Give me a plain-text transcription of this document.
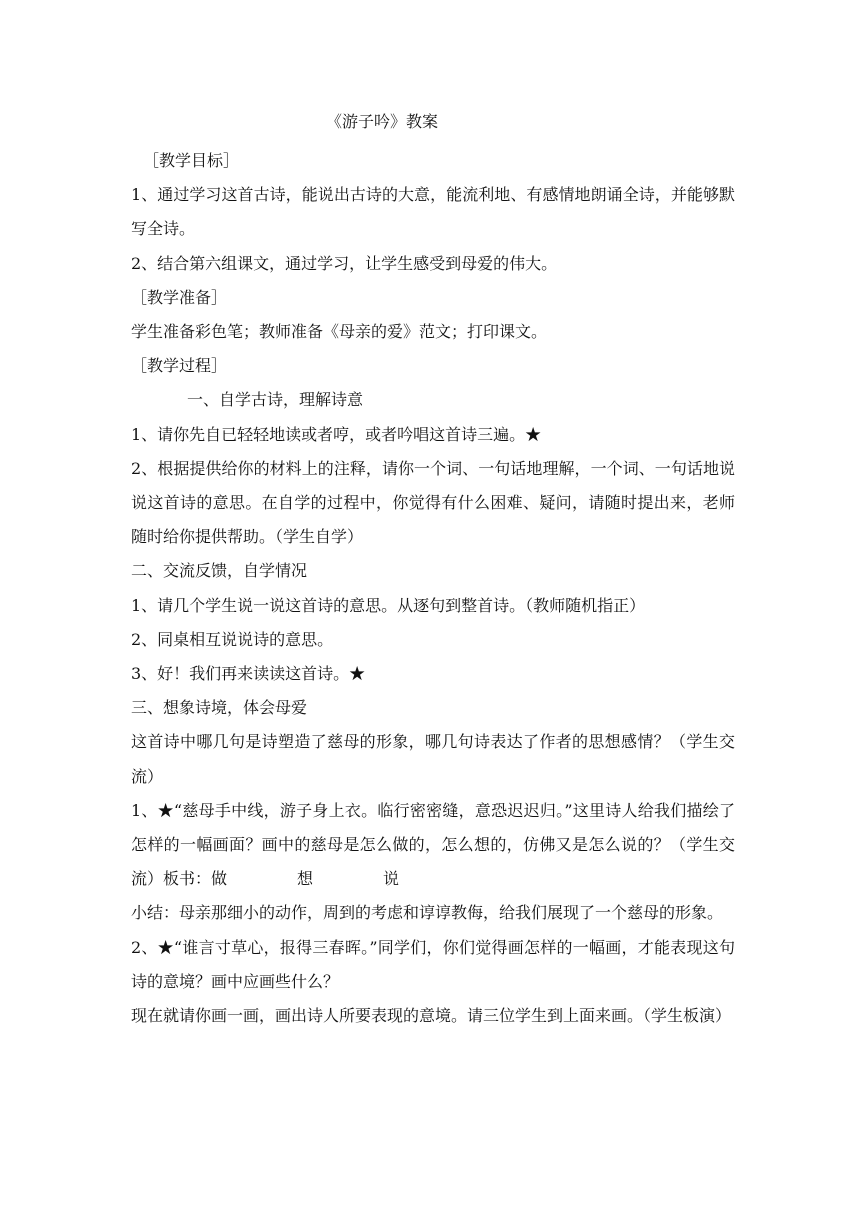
《游子吟》教案

［教学目标］

1、通过学习这首古诗，能说出古诗的大意，能流利地、有感情地朗诵全诗，并能够默写全诗。

2、结合第六组课文，通过学习，让学生感受到母爱的伟大。

［教学准备］

学生准备彩色笔；教师准备《母亲的爱》范文；打印课文。

［教学过程］

一、自学古诗，理解诗意

1、请你先自已轻轻地读或者哼，或者吟唱这首诗三遍。★

2、根据提供给你的材料上的注释，请你一个词、一句话地理解，一个词、一句话地说说这首诗的意思。在自学的过程中，你觉得有什么困难、疑问，请随时提出来，老师随时给你提供帮助。（学生自学）

二、交流反馈，自学情况

1、请几个学生说一说这首诗的意思。从逐句到整首诗。（教师随机指正）

2、同桌相互说说诗的意思。

3、好！我们再来读读这首诗。★

三、想象诗境，体会母爱

这首诗中哪几句是诗塑造了慈母的形象，哪几句诗表达了作者的思想感情？（学生交流）

1、★“慈母手中线，游子身上衣。临行密密缝，意恐迟迟归。”这里诗人给我们描绘了怎样的一幅画面？画中的慈母是怎么做的，怎么想的，仿佛又是怎么说的？（学生交流）板书：做	想	说

小结：母亲那细小的动作，周到的考虑和谆谆教侮，给我们展现了一个慈母的形象。

2、★“谁言寸草心，报得三春晖。”同学们，你们觉得画怎样的一幅画，才能表现这句诗的意境？画中应画些什么？

现在就请你画一画，画出诗人所要表现的意境。请三位学生到上面来画。（学生板演）
